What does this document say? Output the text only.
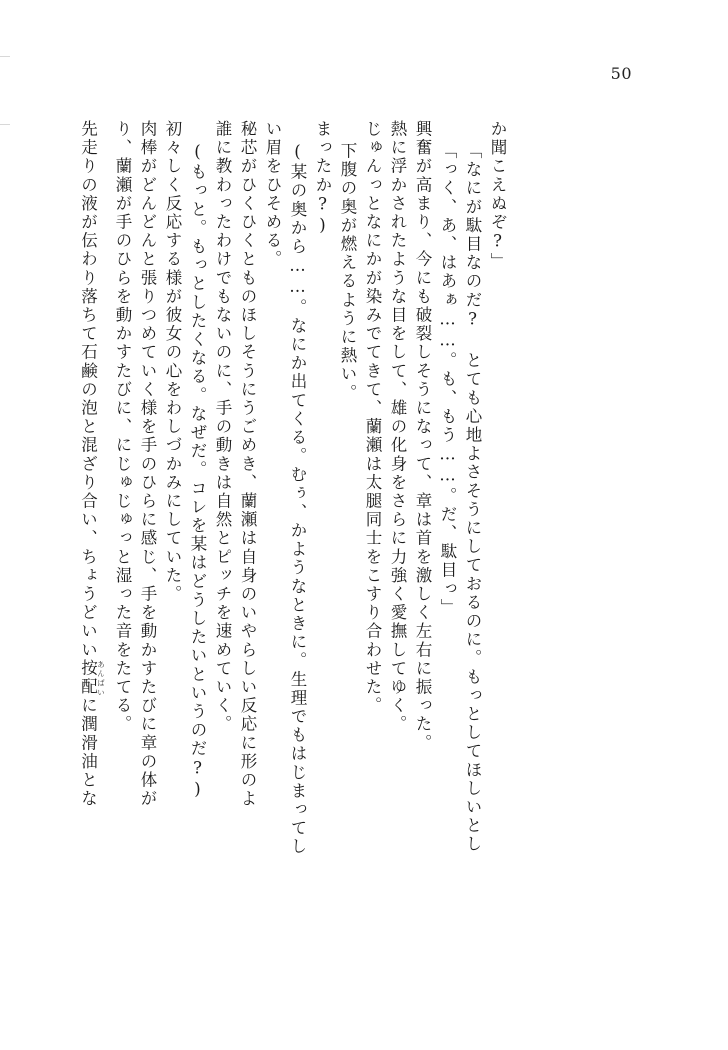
50
先走りの液が伝わり落ちて石鹸の泡と混ざり合い、ちょうどいい按配 あんばいに潤滑油とな
り、蘭瀬が手のひらを動かすたびに、にじゅじゅっと湿った音をたてる。 肉棒がどんどんと張りつめていく様を手のひらに感じ、手を動かすたびに章の体が 初々しく反応する様が彼女の心をわしづかみにしていた。 (もっと。もっとしたくなる。なぜだ。コレを某はどうしたいというのだ?) 誰に教わったわけでもないのに、手の動きは自然とピッチを速めていく。 秘芯がひくひくとものほしそうにうごめき、蘭瀬は自身のいやらしい反応に形のよ い眉をひそめる。 (某の奥から……。なにか出てくる。むぅ、かようなときに。生理でもはじまってし まったか?) 下腹の奥が燃えるように熱い。 じゅんっとなにかが染みでてきて、蘭瀬は太腿同士をこすり合わせた。 熱に浮かされたような目をして、雄の化身をさらに力強く愛撫してゆく。 興奮が高まり、今にも破裂しそうになって、章は首を激しく左右に振った。 「っく、あ、はあぁ……。も、もう……。だ、駄目っ」 「なにが駄目なのだ? とても心地よさそうにしておるのに。もっとしてほしいとし か聞こえぬぞ?」
